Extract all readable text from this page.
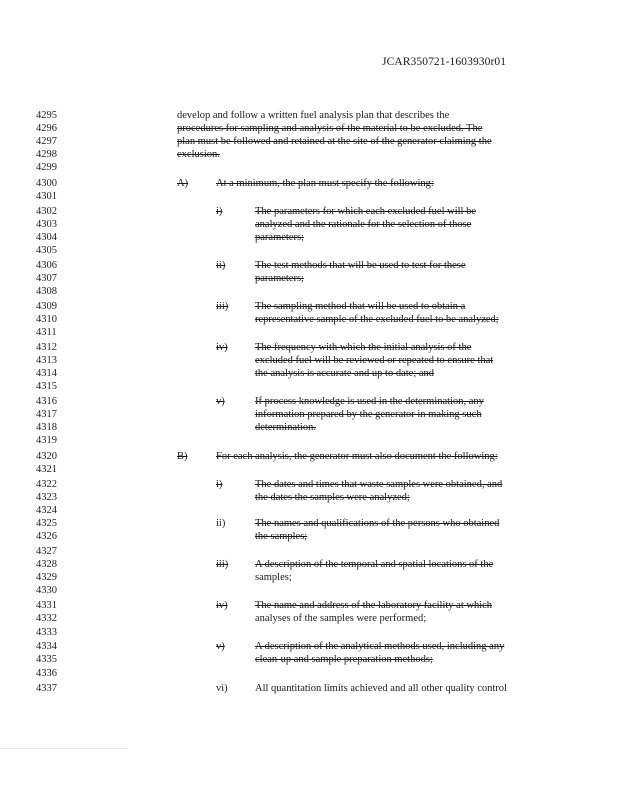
JCAR350721-1603930r01
4295
4296
4297
4298
4299
4300
4301
4302
4303
4304
4305
4306
4307
4308
4309
4310
4311
4312
4313
4314
4315
4316
4317
4318
4319
4320
4321
4322
4323
4324
4325
4326
4327
4328
4329
4330
4331
4332
4333
4334
4335
4336
4337
develop and follow a written fuel analysis plan that describes the
procedures for sampling and analysis of the material to be excluded. The
plan must be followed and retained at the site of the generator claiming the
exclusion.
A)	At a minimum, the plan must specify the following:
i)	The parameters for which each excluded fuel will be
analyzed and the rationale for the selection of those
parameters;
ii)	The test methods that will be used to test for these
parameters;
iii)	The sampling method that will be used to obtain a
representative sample of the excluded fuel to be analyzed;
iv)	The frequency with which the initial analysis of the
excluded fuel will be reviewed or repeated to ensure that
the analysis is accurate and up to date; and
v)	If process knowledge is used in the determination, any
information prepared by the generator in making such
determination.
B)	For each analysis, the generator must also document the following:
i)	The dates and times that waste samples were obtained, and
the dates the samples were analyzed;
ii)	The names and qualifications of the persons who obtained
the samples;
iii)	A description of the temporal and spatial locations of the
samples;
iv)	The name and address of the laboratory facility at which
analyses of the samples were performed;
v)	A description of the analytical methods used, including any
clean-up and sample preparation methods;
vi)	All quantitation limits achieved and all other quality control
